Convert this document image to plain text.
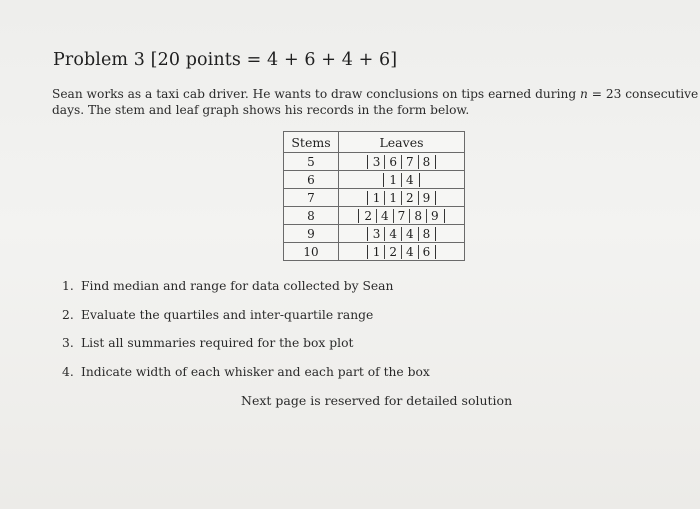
Problem 3 [20 points = 4 + 6 + 4 + 6]
Sean works as a taxi cab driver. He wants to draw conclusions on tips earned during n = 23 consecutive
days. The stem and leaf graph shows his records in the form below.
Stems	Leaves
5	3 6 7 8

6	1 4

7	1 1 2 9

8	2 4 7 8 9

9	3 4 4 8

10	1 2 4 6
1. Find median and range for data collected by Sean
2. Evaluate the quartiles and inter-quartile range
3. List all summaries required for the box plot
4. Indicate width of each whisker and each part of the box
Next page is reserved for detailed solution
